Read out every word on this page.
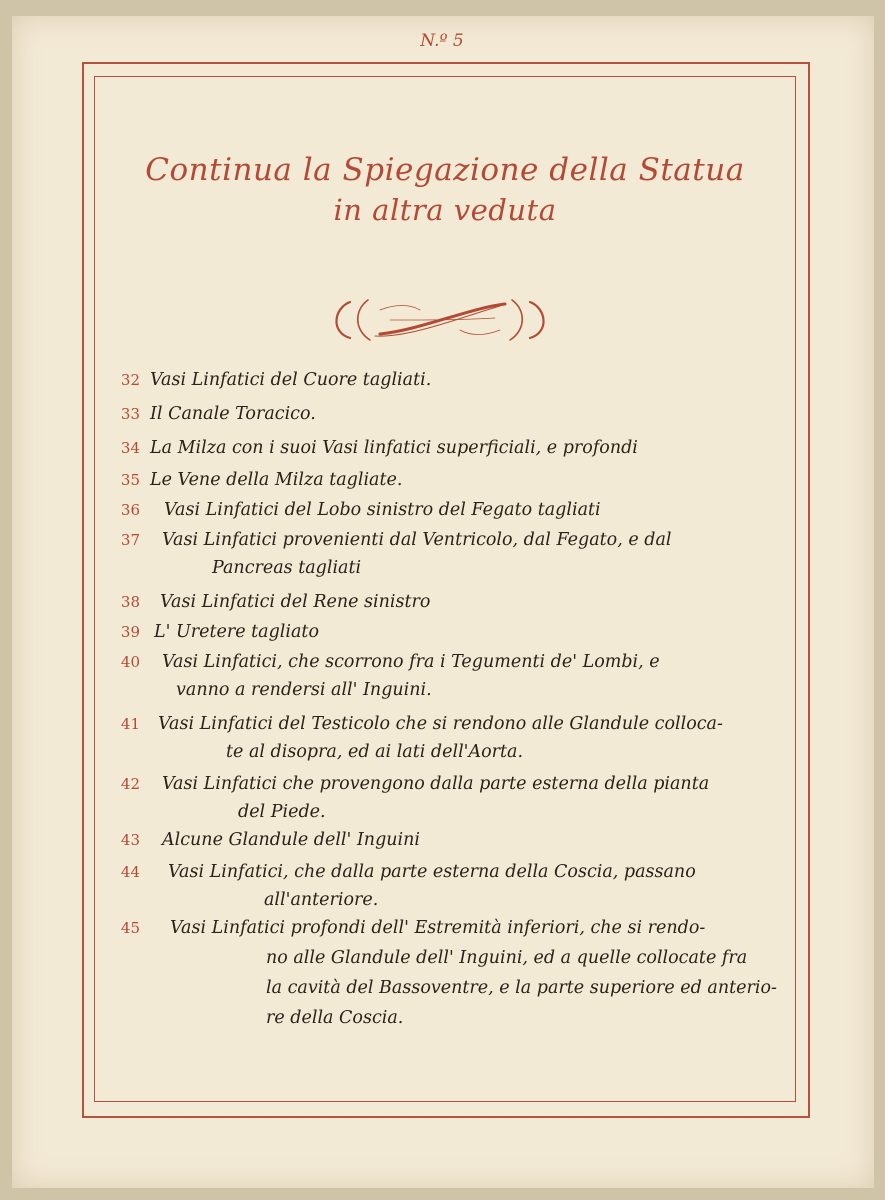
N.º 5
Continua la Spiegazione della Statua
in altra veduta
32 Vasi Linfatici del Cuore tagliati.
33 Il Canale Toracico.
34 La Milza con i suoi Vasi linfatici superficiali, e profondi
35 Le Vene della Milza tagliate.
36 Vasi Linfatici del Lobo sinistro del Fegato tagliati
37 Vasi Linfatici provenienti dal Ventricolo, dal Fegato, e dal
Pancreas tagliati
38 Vasi Linfatici del Rene sinistro
39 L' Uretere tagliato
40 Vasi Linfatici, che scorrono fra i Tegumenti de' Lombi, e
vanno a rendersi all' Inguini.
41 Vasi Linfatici del Testicolo che si rendono alle Glandule colloca-
te al disopra, ed ai lati dell'Aorta.
42 Vasi Linfatici che provengono dalla parte esterna della pianta
del Piede.
43 Alcune Glandule dell' Inguini
44 Vasi Linfatici, che dalla parte esterna della Coscia, passano
all'anteriore.
45 Vasi Linfatici profondi dell' Estremità inferiori, che si rendo-
no alle Glandule dell' Inguini, ed a quelle collocate fra
la cavità del Bassoventre, e la parte superiore ed anterio-
re della Coscia.
